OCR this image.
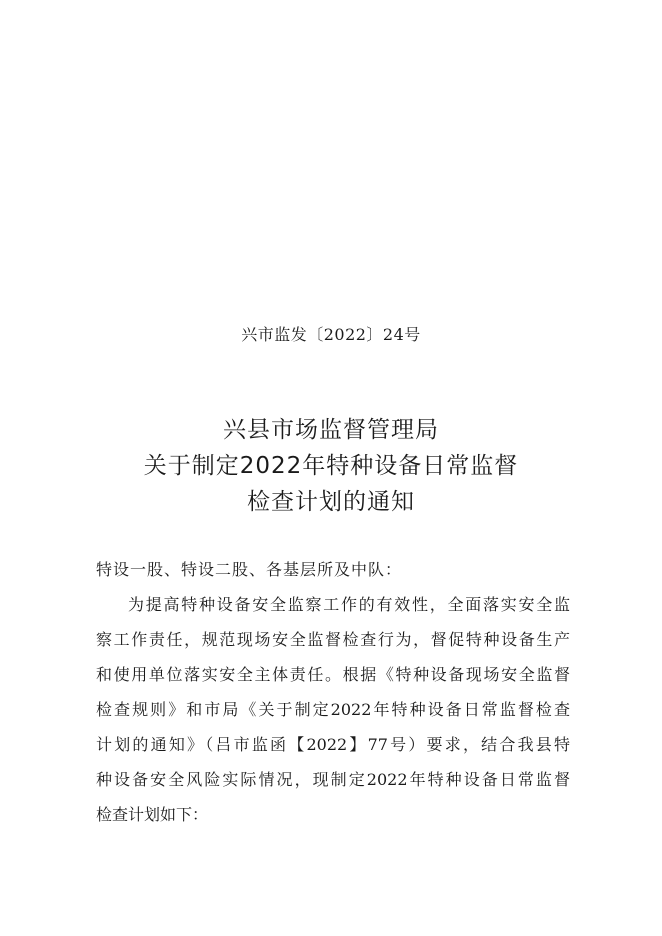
兴市监发〔2022〕24号
兴县市场监督管理局
关于制定2022年特种设备日常监督
检查计划的通知
特设一股、特设二股、各基层所及中队：
为提高特种设备安全监察工作的有效性，全面落实安全监
察工作责任，规范现场安全监督检查行为，督促特种设备生产
和使用单位落实安全主体责任。根据《特种设备现场安全监督
检查规则》和市局《关于制定2022年特种设备日常监督检查
计划的通知》（吕市监函【2022】77号）要求，结合我县特
种设备安全风险实际情况，现制定2022年特种设备日常监督
检查计划如下：
